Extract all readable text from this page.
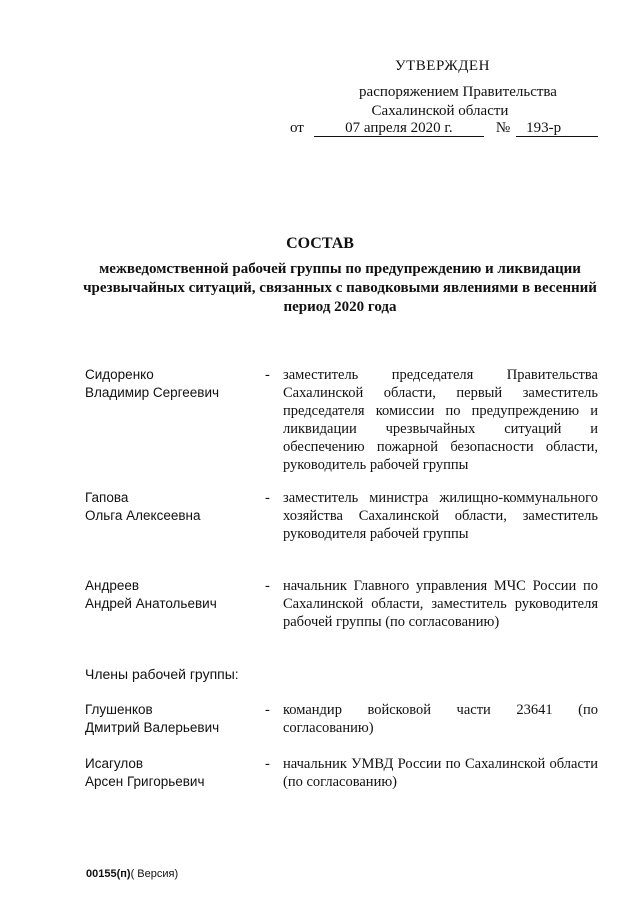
УТВЕРЖДЕН
распоряжением Правительства
Сахалинской области
от	07 апреля 2020 г.	№ 193-р
СОСТАВ
межведомственной рабочей группы по предупреждению и ликвидации чрезвычайных ситуаций, связанных с паводковыми явлениями в весенний период 2020 года
Сидоренко
Владимир Сергеевич
- заместитель председателя Правительства Сахалинской области, первый заместитель председателя комиссии по предупреждению и ликвидации чрезвычайных ситуаций и обеспечению пожарной безопасности области, руководитель рабочей группы
Гапова
Ольга Алексеевна
- заместитель министра жилищно-коммунального хозяйства Сахалинской области, заместитель руководителя рабочей группы
Андреев
Андрей Анатольевич
- начальник Главного управления МЧС России по Сахалинской области, заместитель руководителя рабочей группы (по согласованию)
Члены рабочей группы:
Глушенков
Дмитрий Валерьевич
- командир войсковой части 23641 (по согласованию)
Исагулов
Арсен Григорьевич
- начальник УМВД России по Сахалинской области (по согласованию)
00155(п)( Версия)
